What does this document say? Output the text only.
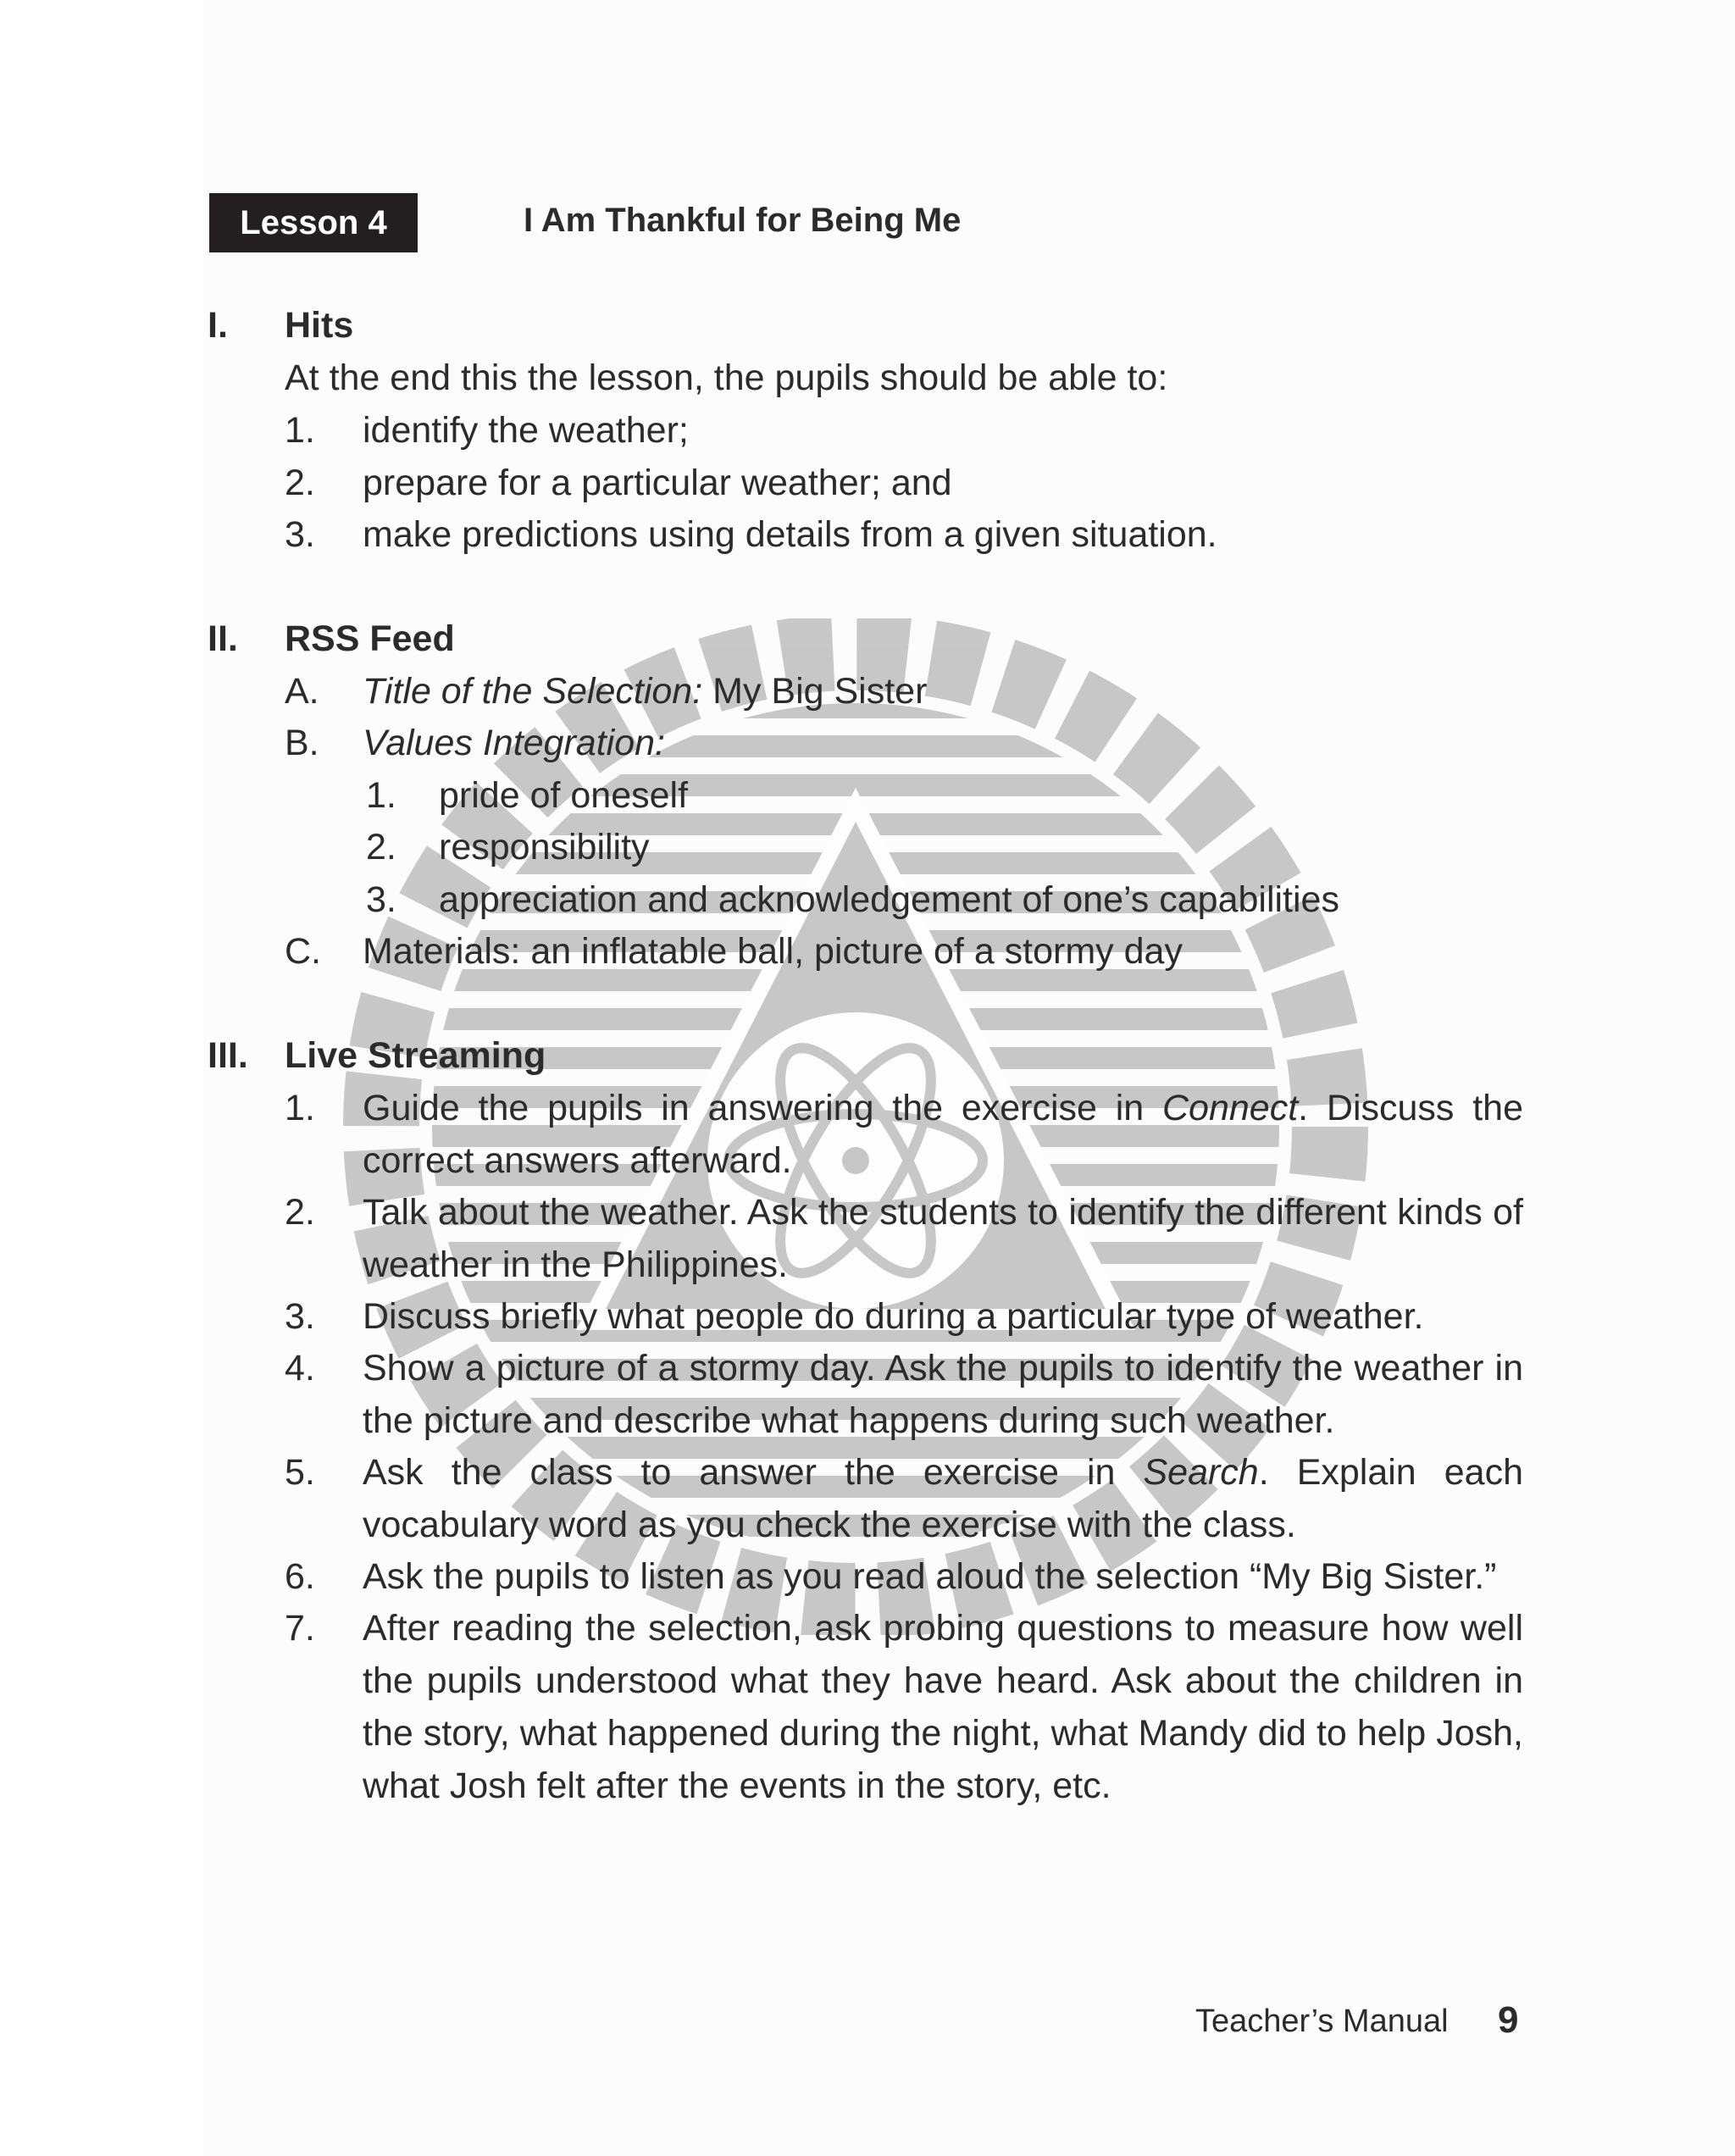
Lesson 4	I Am Thankful for Being Me
I. Hits
At the end this the lesson, the pupils should be able to:
1. identify the weather;
2. prepare for a particular weather; and
3. make predictions using details from a given situation.
II. RSS Feed
A. Title of the Selection: My Big Sister
B. Values Integration:
1. pride of oneself
2. responsibility
3. appreciation and acknowledgement of one’s capabilities
C. Materials: an inflatable ball, picture of a stormy day
III. Live Streaming
1. Guide the pupils in answering the exercise in Connect. Discuss the correct answers afterward.
2. Talk about the weather. Ask the students to identify the different kinds of weather in the Philippines.
3. Discuss briefly what people do during a particular type of weather.
4. Show a picture of a stormy day. Ask the pupils to identify the weather in the picture and describe what happens during such weather.
5. Ask the class to answer the exercise in Search. Explain each vocabulary word as you check the exercise with the class.
6. Ask the pupils to listen as you read aloud the selection “My Big Sister.”
7. After reading the selection, ask probing questions to measure how well the pupils understood what they have heard. Ask about the children in the story, what happened during the night, what Mandy did to help Josh, what Josh felt after the events in the story, etc.
Teacher’s Manual 9
